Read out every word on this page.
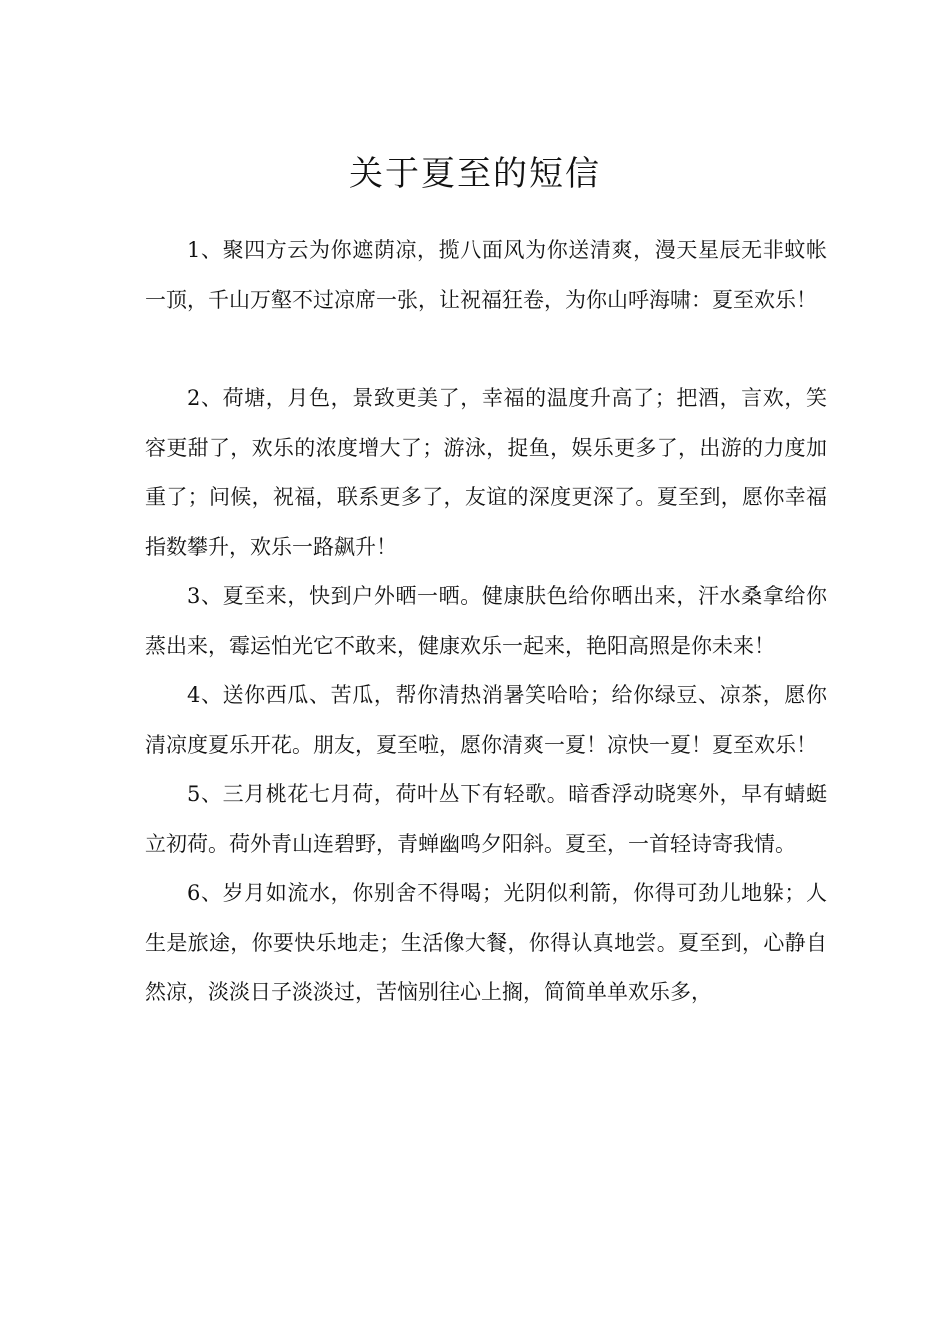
关于夏至的短信

1、聚四方云为你遮荫凉，揽八面风为你送清爽，漫天星辰无非蚊帐一顶，千山万壑不过凉席一张，让祝福狂卷，为你山呼海啸：夏至欢乐！

2、荷塘，月色，景致更美了，幸福的温度升高了；把酒，言欢，笑容更甜了，欢乐的浓度增大了；游泳，捉鱼，娱乐更多了，出游的力度加重了；问候，祝福，联系更多了，友谊的深度更深了。夏至到，愿你幸福指数攀升，欢乐一路飙升！

3、夏至来，快到户外晒一晒。健康肤色给你晒出来，汗水桑拿给你蒸出来，霉运怕光它不敢来，健康欢乐一起来，艳阳高照是你未来！

4、送你西瓜、苦瓜，帮你清热消暑笑哈哈；给你绿豆、凉茶，愿你清凉度夏乐开花。朋友，夏至啦，愿你清爽一夏！凉快一夏！夏至欢乐！

5、三月桃花七月荷，荷叶丛下有轻歌。暗香浮动晓寒外，早有蜻蜓立初荷。荷外青山连碧野，青蝉幽鸣夕阳斜。夏至，一首轻诗寄我情。

6、岁月如流水，你别舍不得喝；光阴似利箭，你得可劲儿地躲；人生是旅途，你要快乐地走；生活像大餐，你得认真地尝。夏至到，心静自然凉，淡淡日子淡淡过，苦恼别往心上搁，简简单单欢乐多，
